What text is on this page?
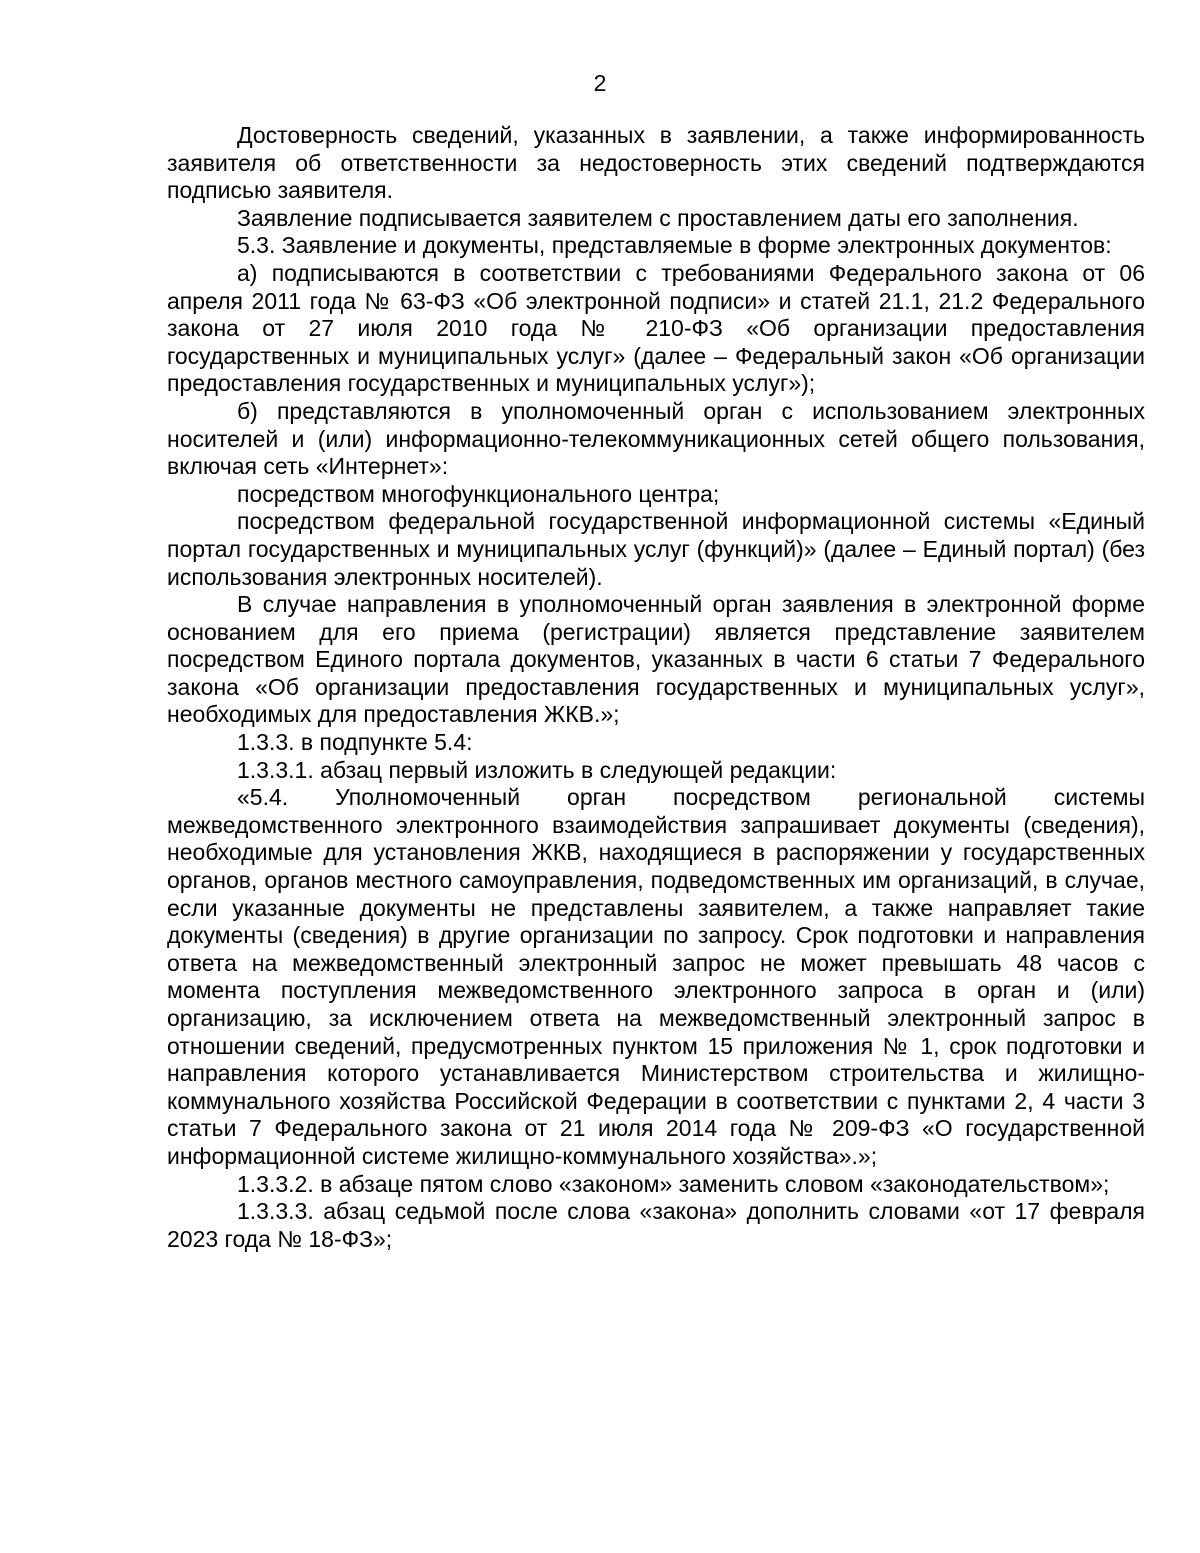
2

Достоверность сведений, указанных в заявлении, а также информированность заявителя об ответственности за недостоверность этих сведений подтверждаются подписью заявителя.

Заявление подписывается заявителем с проставлением даты его заполнения.

5.3. Заявление и документы, представляемые в форме электронных документов:

а) подписываются в соответствии с требованиями Федерального закона от 06 апреля 2011 года № 63-ФЗ «Об электронной подписи» и статей 21.1, 21.2 Федерального закона от 27 июля 2010 года № 210-ФЗ «Об организации предоставления государственных и муниципальных услуг» (далее – Федеральный закон «Об организации предоставления государственных и муниципальных услуг»);

б) представляются в уполномоченный орган с использованием электронных носителей и (или) информационно-телекоммуникационных сетей общего пользования, включая сеть «Интернет»:

посредством многофункционального центра;

посредством федеральной государственной информационной системы «Единый портал государственных и муниципальных услуг (функций)» (далее – Единый портал) (без использования электронных носителей).

В случае направления в уполномоченный орган заявления в электронной форме основанием для его приема (регистрации) является представление заявителем посредством Единого портала документов, указанных в части 6 статьи 7 Федерального закона «Об организации предоставления государственных и муниципальных услуг», необходимых для предоставления ЖКВ.»;

1.3.3. в подпункте 5.4:

1.3.3.1. абзац первый изложить в следующей редакции:

«5.4. Уполномоченный орган посредством региональной системы межведомственного электронного взаимодействия запрашивает документы (сведения), необходимые для установления ЖКВ, находящиеся в распоряжении у государственных органов, органов местного самоуправления, подведомственных им организаций, в случае, если указанные документы не представлены заявителем, а также направляет такие документы (сведения) в другие организации по запросу. Срок подготовки и направления ответа на межведомственный электронный запрос не может превышать 48 часов с момента поступления межведомственного электронного запроса в орган и (или) организацию, за исключением ответа на межведомственный электронный запрос в отношении сведений, предусмотренных пунктом 15 приложения № 1, срок подготовки и направления которого устанавливается Министерством строительства и жилищно-коммунального хозяйства Российской Федерации в соответствии с пунктами 2, 4 части 3 статьи 7 Федерального закона от 21 июля 2014 года № 209-ФЗ «О государственной информационной системе жилищно-коммунального хозяйства».»;

1.3.3.2. в абзаце пятом слово «законом» заменить словом «законодательством»;

1.3.3.3. абзац седьмой после слова «закона» дополнить словами «от 17 февраля 2023 года № 18-ФЗ»;
